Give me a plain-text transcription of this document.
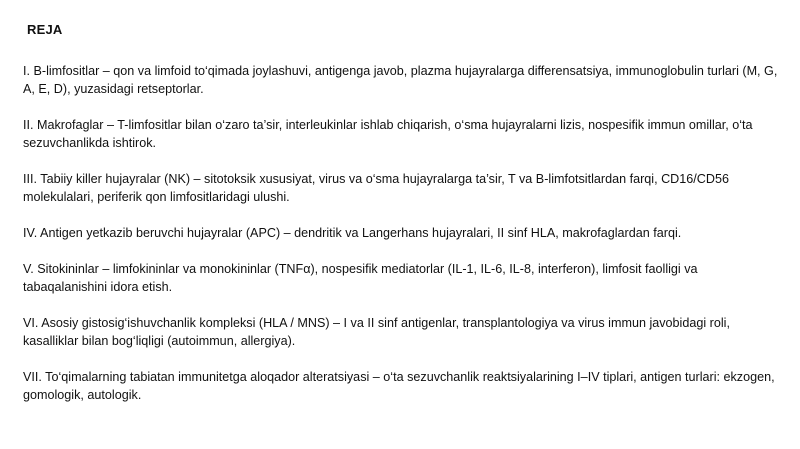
REJA

I. B-limfositlar – qon va limfoid to‘qimada joylashuvi, antigenga javob, plazma hujayralarga differensatsiya, immunoglobulin turlari (M, G, A, E, D), yuzasidagi retseptorlar.

II. Makrofaglar – T-limfositlar bilan o‘zaro ta’sir, interleukinlar ishlab chiqarish, o‘sma hujayralarni lizis, nospesifik immun omillar, o‘ta sezuvchanlikda ishtirok.

III. Tabiiy killer hujayralar (NK) – sitotoksik xususiyat, virus va o‘sma hujayralarga ta’sir, T va B-limfotsitlardan farqi, CD16/CD56 molekulalari, periferik qon limfositlaridagi ulushi.

IV. Antigen yetkazib beruvchi hujayralar (APC) – dendritik va Langerhans hujayralari, II sinf HLA, makrofaglardan farqi.

V. Sitokininlar – limfokininlar va monokininlar (TNFα), nospesifik mediatorlar (IL-1, IL-6, IL-8, interferon), limfosit faolligi va tabaqalanishini idora etish.

VI. Asosiy gistosig‘ishuvchanlik kompleksi (HLA / MNS) – I va II sinf antigenlar, transplantologiya va virus immun javobidagi roli, kasalliklar bilan bog‘liqligi (autoimmun, allergiya).

VII. To‘qimalarning tabiatan immunitetga aloqador alteratsiyasi – o‘ta sezuvchanlik reaktsiyalarining I–IV tiplari, antigen turlari: ekzogen, gomologik, autologik.
